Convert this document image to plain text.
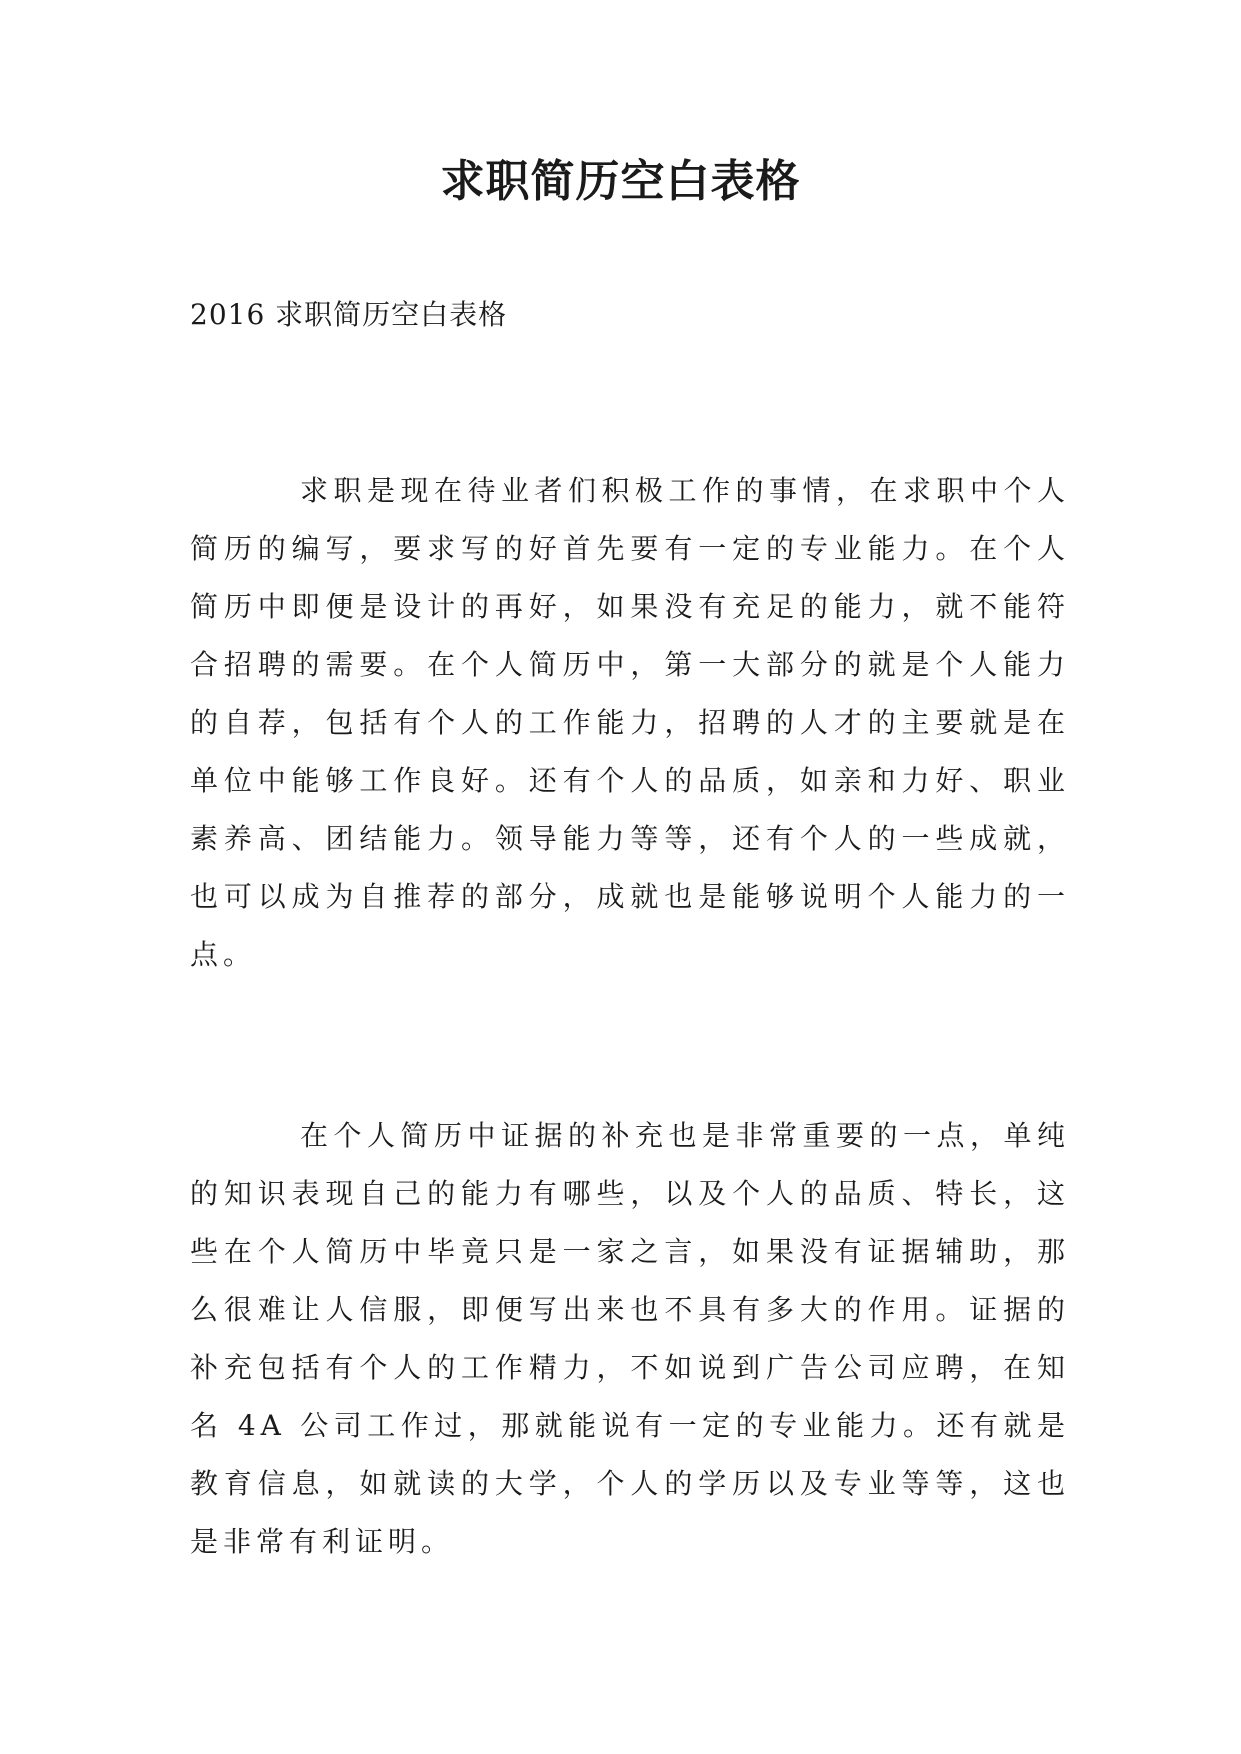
求职简历空白表格

2016 求职简历空白表格

求职是现在待业者们积极工作的事情，在求职中个人简历的编写，要求写的好首先要有一定的专业能力。在个人简历中即便是设计的再好，如果没有充足的能力，就不能符合招聘的需要。在个人简历中，第一大部分的就是个人能力的自荐，包括有个人的工作能力，招聘的人才的主要就是在单位中能够工作良好。还有个人的品质，如亲和力好、职业素养高、团结能力。领导能力等等，还有个人的一些成就，也可以成为自推荐的部分，成就也是能够说明个人能力的一点。

在个人简历中证据的补充也是非常重要的一点，单纯的知识表现自己的能力有哪些，以及个人的品质、特长，这些在个人简历中毕竟只是一家之言，如果没有证据辅助，那么很难让人信服，即便写出来也不具有多大的作用。证据的补充包括有个人的工作精力，不如说到广告公司应聘，在知名 4A 公司工作过，那就能说有一定的专业能力。还有就是教育信息，如就读的大学，个人的学历以及专业等等，这也是非常有利证明。
